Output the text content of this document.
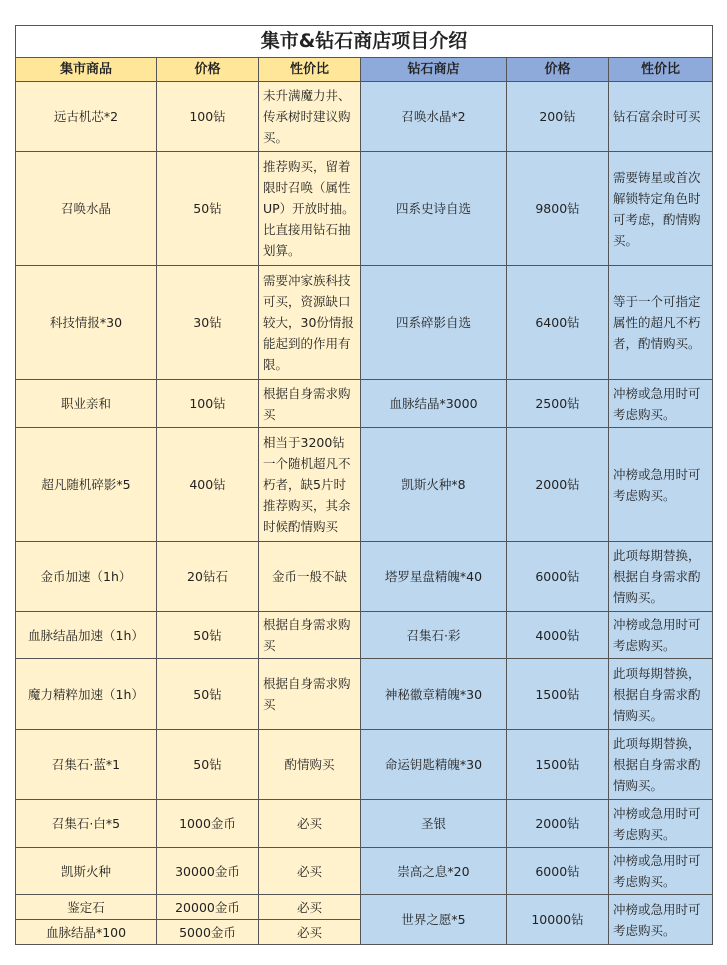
集市&钻石商店项目介绍					
集市商品	价格	性价比	钻石商店	价格	性价比
远古机芯*2	100钻	未升满魔力井、传承树时建议购买。	召唤水晶*2	200钻	钻石富余时可买
召唤水晶	50钻	推荐购买，留着限时召唤（属性UP）开放时抽。比直接用钻石抽划算。	四系史诗自选	9800钻	需要铸星或首次解锁特定角色时可考虑，酌情购买。
科技情报*30	30钻	需要冲家族科技可买，资源缺口较大，30份情报能起到的作用有限。	四系碎影自选	6400钻	等于一个可指定属性的超凡不朽者，酌情购买。
职业亲和	100钻	根据自身需求购买	血脉结晶*3000	2500钻	冲榜或急用时可考虑购买。
超凡随机碎影*5	400钻	相当于3200钻一个随机超凡不朽者，缺5片时推荐购买，其余时候酌情购买	凯斯火种*8	2000钻	冲榜或急用时可考虑购买。
金币加速（1h）	20钻石	金币一般不缺	塔罗星盘精魄*40	6000钻	此项每期替换，根据自身需求酌情购买。
血脉结晶加速（1h）	50钻	根据自身需求购买	召集石·彩	4000钻	冲榜或急用时可考虑购买。
魔力精粹加速（1h）	50钻	根据自身需求购买	神秘徽章精魄*30	1500钻	此项每期替换，根据自身需求酌情购买。
召集石·蓝*1	50钻	酌情购买	命运钥匙精魄*30	1500钻	此项每期替换，根据自身需求酌情购买。
召集石·白*5	1000金币	必买	圣银	2000钻	冲榜或急用时可考虑购买。
凯斯火种	30000金币	必买	崇高之息*20	6000钻	冲榜或急用时可考虑购买。
鉴定石	20000金币	必买	世界之愿*5	10000钻	冲榜或急用时可考虑购买。
血脉结晶*100	5000金币	必买			
